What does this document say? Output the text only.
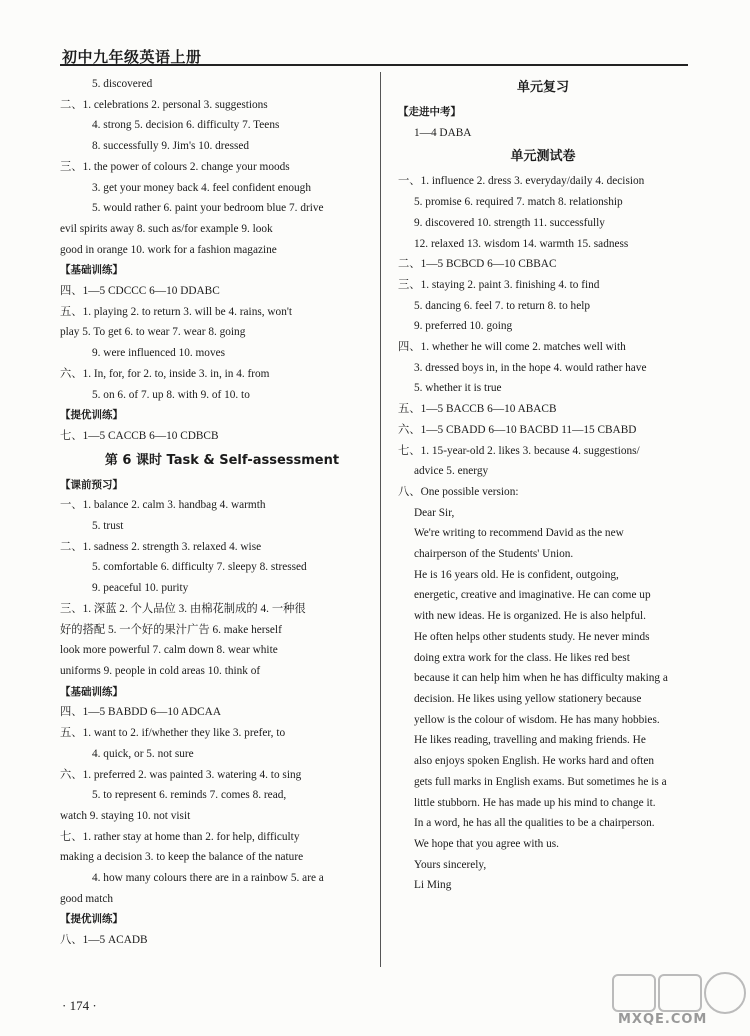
初中九年级英语上册
5. discovered
二、1. celebrations 2. personal 3. suggestions
4. strong 5. decision 6. difficulty 7. Teens
8. successfully 9. Jim's 10. dressed
三、1. the power of colours 2. change your moods
3. get your money back 4. feel confident enough
5. would rather 6. paint your bedroom blue 7. drive
evil spirits away 8. such as/for example 9. look
good in orange 10. work for a fashion magazine
【基础训练】
四、1—5 CDCCC 6—10 DDABC
五、1. playing 2. to return 3. will be 4. rains, won't
play 5. To get 6. to wear 7. wear 8. going
9. were influenced 10. moves
六、1. In, for, for 2. to, inside 3. in, in 4. from
5. on 6. of 7. up 8. with 9. of 10. to
【提优训练】
七、1—5 CACCB 6—10 CDBCB
第 6 课时 Task & Self-assessment
【课前预习】
一、1. balance 2. calm 3. handbag 4. warmth
5. trust
二、1. sadness 2. strength 3. relaxed 4. wise
5. comfortable 6. difficulty 7. sleepy 8. stressed
9. peaceful 10. purity
三、1. 深蓝 2. 个人品位 3. 由棉花制成的 4. 一种很
好的搭配 5. 一个好的果汁广告 6. make herself
look more powerful 7. calm down 8. wear white
uniforms 9. people in cold areas 10. think of
【基础训练】
四、1—5 BABDD 6—10 ADCAA
五、1. want to 2. if/whether they like 3. prefer, to
4. quick, or 5. not sure
六、1. preferred 2. was painted 3. watering 4. to sing
5. to represent 6. reminds 7. comes 8. read,
watch 9. staying 10. not visit
七、1. rather stay at home than 2. for help, difficulty
making a decision 3. to keep the balance of the nature
4. how many colours there are in a rainbow 5. are a
good match
【提优训练】
八、1—5 ACADB
单元复习
【走进中考】
1—4 DABA
单元测试卷
一、1. influence 2. dress 3. everyday/daily 4. decision
5. promise 6. required 7. match 8. relationship
9. discovered 10. strength 11. successfully
12. relaxed 13. wisdom 14. warmth 15. sadness
二、1—5 BCBCD 6—10 CBBAC
三、1. staying 2. paint 3. finishing 4. to find
5. dancing 6. feel 7. to return 8. to help
9. preferred 10. going
四、1. whether he will come 2. matches well with
3. dressed boys in, in the hope 4. would rather have
5. whether it is true
五、1—5 BACCB 6—10 ABACB
六、1—5 CBADD 6—10 BACBD 11—15 CBABD
七、1. 15-year-old 2. likes 3. because 4. suggestions/
advice 5. energy
八、One possible version:
Dear Sir,
We're writing to recommend David as the new
chairperson of the Students' Union.
He is 16 years old. He is confident, outgoing,
energetic, creative and imaginative. He can come up
with new ideas. He is organized. He is also helpful.
He often helps other students study. He never minds
doing extra work for the class. He likes red best
because it can help him when he has difficulty making a
decision. He likes using yellow stationery because
yellow is the colour of wisdom. He has many hobbies.
He likes reading, travelling and making friends. He
also enjoys spoken English. He works hard and often
gets full marks in English exams. But sometimes he is a
little stubborn. He has made up his mind to change it.
In a word, he has all the qualities to be a chairperson.
We hope that you agree with us.
Yours sincerely,
Li Ming
· 174 ·
MXQE.COM
